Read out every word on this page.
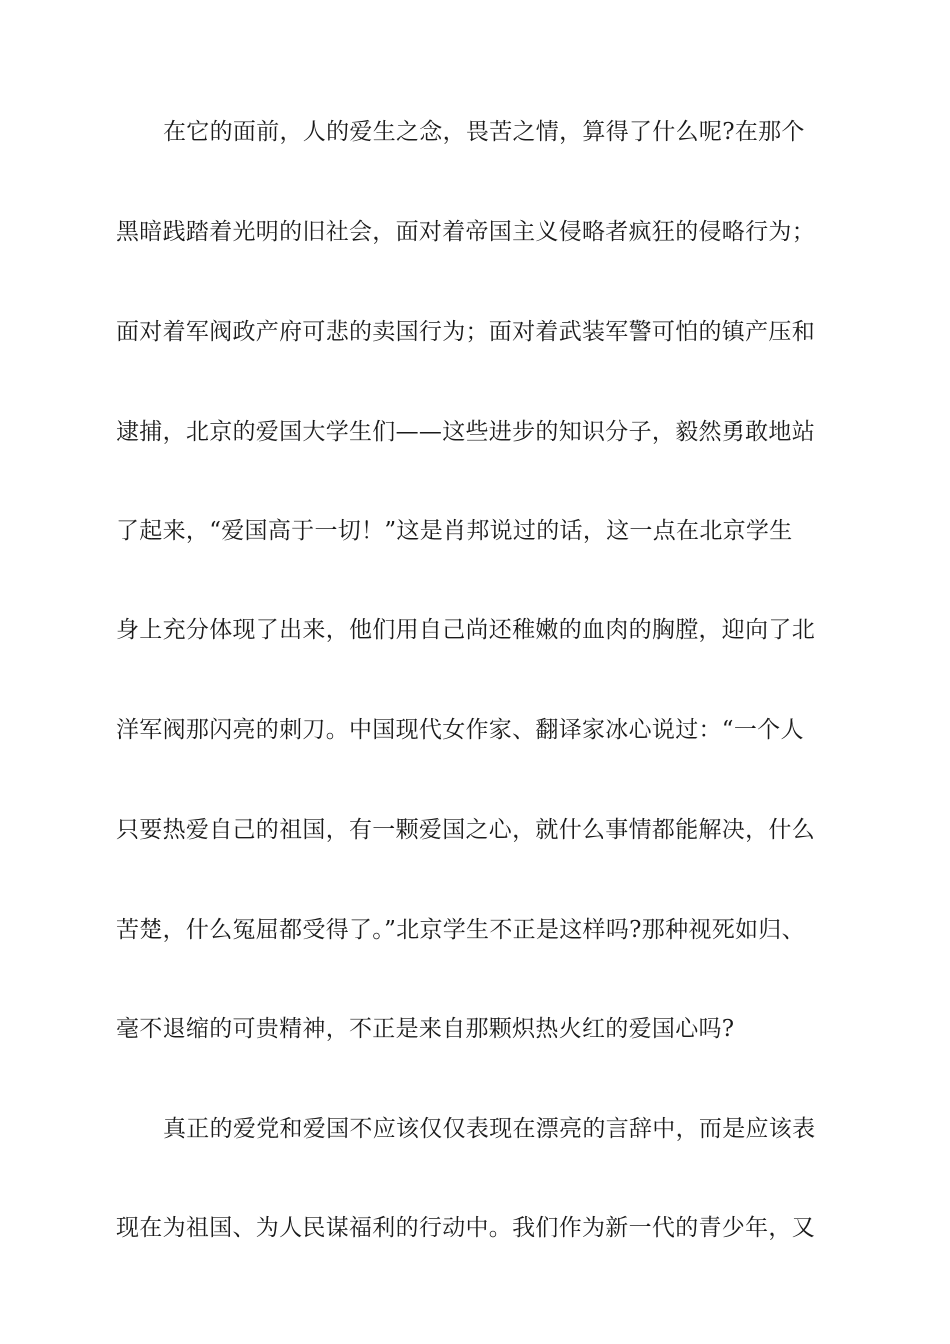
在它的面前，人的爱生之念，畏苦之情，算得了什么呢?在那个
黑暗践踏着光明的旧社会，面对着帝国主义侵略者疯狂的侵略行为；
面对着军阀政产府可悲的卖国行为；面对着武装军警可怕的镇产压和
逮捕，北京的爱国大学生们——这些进步的知识分子，毅然勇敢地站
了起来，“爱国高于一切！”这是肖邦说过的话，这一点在北京学生
身上充分体现了出来，他们用自己尚还稚嫩的血肉的胸膛，迎向了北
洋军阀那闪亮的刺刀。中国现代女作家、翻译家冰心说过：“一个人
只要热爱自己的祖国，有一颗爱国之心，就什么事情都能解决，什么
苦楚，什么冤屈都受得了。”北京学生不正是这样吗?那种视死如归、
毫不退缩的可贵精神，不正是来自那颗炽热火红的爱国心吗?
真正的爱党和爱国不应该仅仅表现在漂亮的言辞中，而是应该表
现在为祖国、为人民谋福利的行动中。我们作为新一代的青少年，又
